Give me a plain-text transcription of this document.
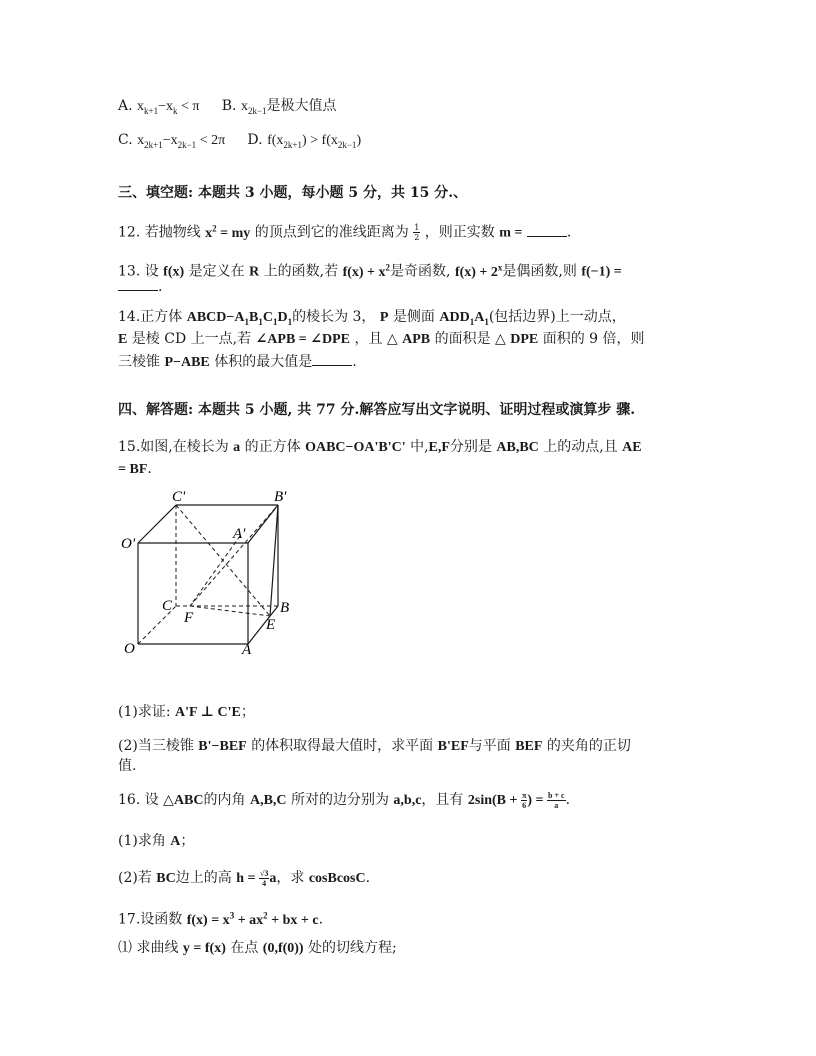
A. $x_{k+1}-x_k < \pi$ B. $x_{2k-1}$是极大值点
C. $x_{2k+1}-x_{2k-1} < 2\pi$ D. $f(x_{2k+1}) > f(x_{2k-1})$
三、填空题: 本题共 3 小题，每小题 5 分，共 15 分.、
12. 若抛物线 $x^2$ = my 的顶点到它的准线距离为 $\frac{1}{2}$ ，则正实数 m =	.
13. 设 f(x) 是定义在 R 上的函数,若 $f(x) + x^2$是奇函数, $f(x) + 2^x$是偶函数,则 f(−1) =
.
14.正方体 $ABCD-A_1B_1C_1D_1$的棱长为 3， P 是侧面 $ADD_1A_1$(包括边界)上一动点，
E 是棱 CD 上一点,若 ∠APB = ∠DPE ，且 △ APB 的面积是 △ DPE 面积的 9 倍，则
三棱锥 P−ABE 体积的最大值是	.
四、解答题: 本题共 5 小题, 共 77 分.解答应写出文字说明、证明过程或演算步 骤.
15.如图,在棱长为 a 的正方体 OABC−OA'B'C' 中,E,F分别是 AB,BC 上的动点,且 AE
= BF.
C'	B'
O'
A'
C	B
F	E
O	A
(1)求证: A'F ⊥ C'E；
(2)当三棱锥 B'−BEF 的体积取得最大值时，求平面 B'EF与平面 BEF 的夹角的正切
值.
16. 设 △ABC的内角 A,B,C 所对的边分别为 a,b,c，且有 $2\sin(B + \frac{\pi}{6}$ ) = $\frac{b + c}{a}$ .
(1)求角 A；
(2)若 BC边上的高 $h = \frac{√3}{4}$ a，求 cosBcosC.
17.设函数 $f(x) = x^3 + ax^2$ + bx + c.
⑴ 求曲线 y = f(x) 在点 (0,f(0)) 处的切线方程;
